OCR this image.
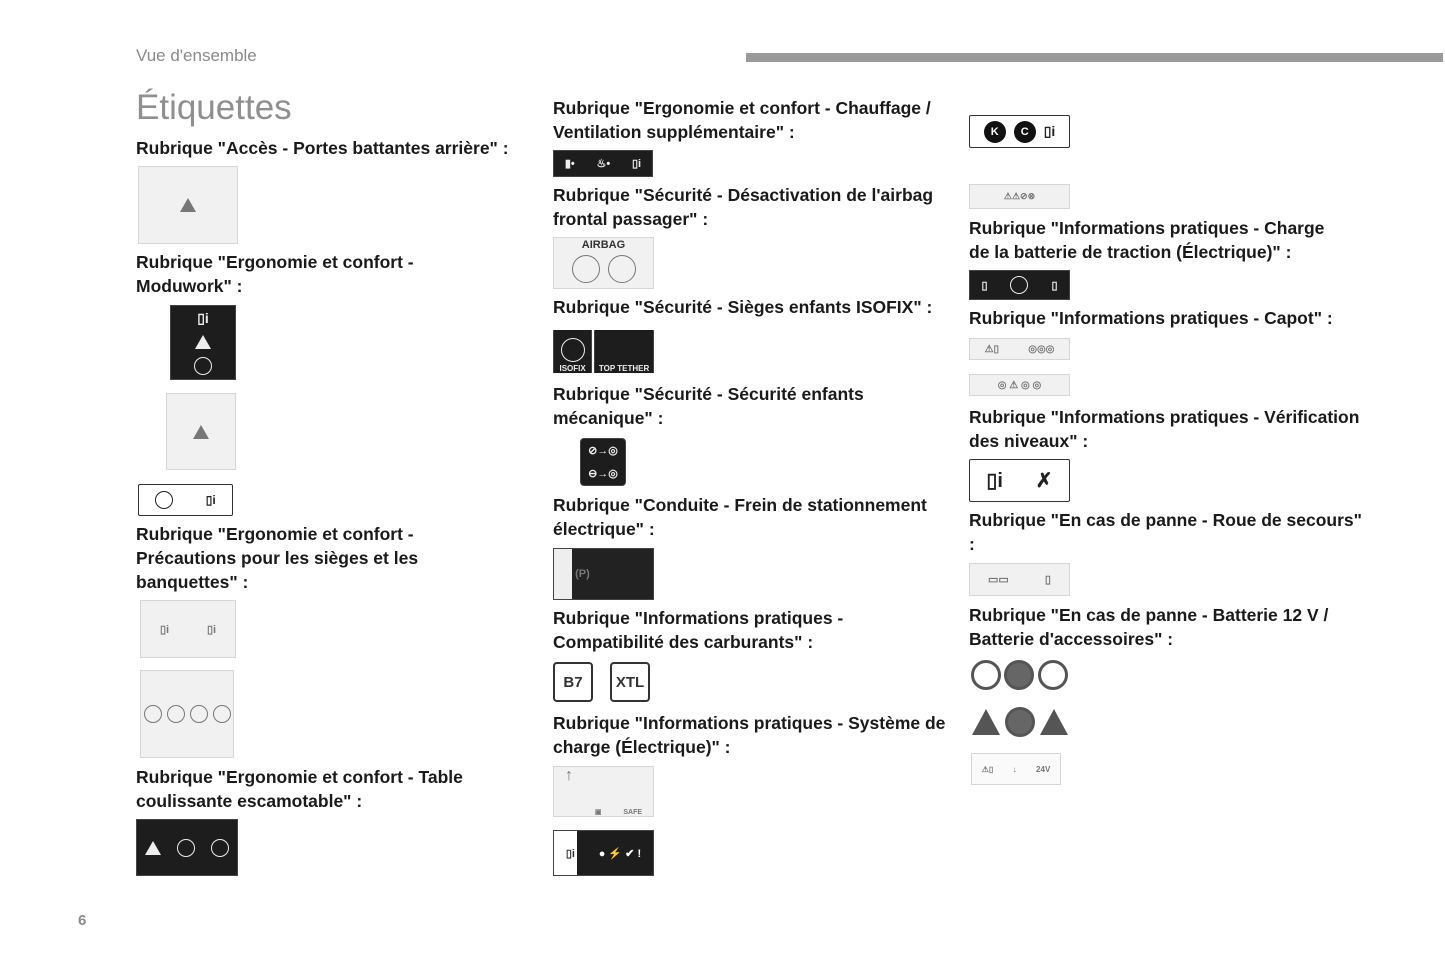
Vue d'ensemble
Étiquettes
Rubrique "Accès - Portes battantes arrière" :
Rubrique "Ergonomie et confort - Moduwork" :
▯i
▯i
Rubrique "Ergonomie et confort - Précautions pour les sièges et les banquettes" :
▯i	▯i
Rubrique "Ergonomie et confort - Table coulissante escamotable" :
Rubrique "Ergonomie et confort - Chauffage / Ventilation supplémentaire" :
▮• ♨• ▯i
Rubrique "Sécurité - Désactivation de l'airbag frontal passager" :
AIRBAG
Rubrique "Sécurité - Sièges enfants ISOFIX" :
ISOFIX TOP TETHER
Rubrique "Sécurité - Sécurité enfants mécanique" :
⊘→◎
⊖→◎
Rubrique "Conduite - Frein de stationnement électrique" :
(P)
Rubrique "Informations pratiques - Compatibilité des carburants" :
B7	XTL
Rubrique "Informations pratiques - Système de charge (Électrique)" :
↑
▣	SAFE
▯i ● ⚡ ✔ !
K	C	▯i
⚠⚠⊘⊗
Rubrique "Informations pratiques - Charge de la batterie de traction (Électrique)" :
▯	▯
Rubrique "Informations pratiques - Capot" :
⚠▯	◎◎◎
◎ ⚠ ◎ ◎
Rubrique "Informations pratiques - Vérification des niveaux" :
▯i ✗
Rubrique "En cas de panne - Roue de secours" :
▭▭	▯
Rubrique "En cas de panne - Batterie 12 V / Batterie d'accessoires" :
⚠▯ ↓ 24V
6
